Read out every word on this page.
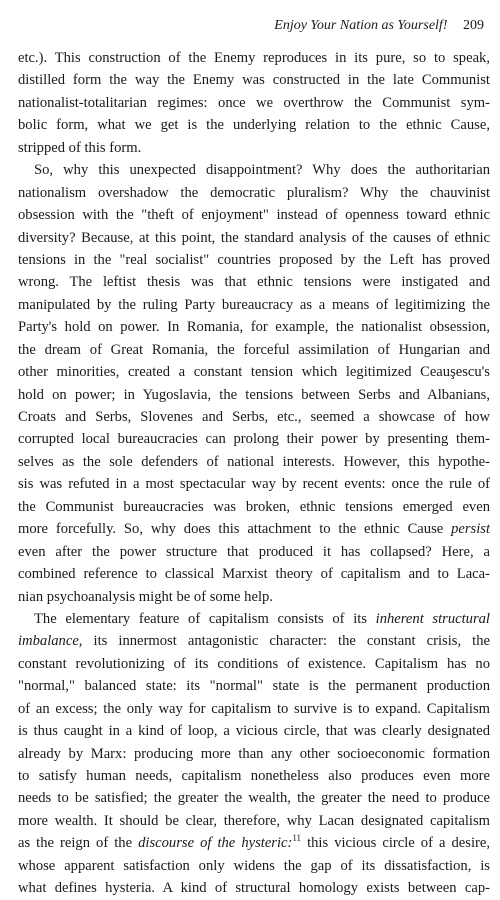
Enjoy Your Nation as Yourself! 209
etc.). This construction of the Enemy reproduces in its pure, so to speak,
distilled form the way the Enemy was constructed in the late Communist
nationalist-totalitarian regimes: once we overthrow the Communist sym-
bolic form, what we get is the underlying relation to the ethnic Cause,
stripped of this form.
So, why this unexpected disappointment? Why does the authoritarian
nationalism overshadow the democratic pluralism? Why the chauvinist
obsession with the "theft of enjoyment" instead of openness toward ethnic
diversity? Because, at this point, the standard analysis of the causes of ethnic
tensions in the "real socialist" countries proposed by the Left has proved
wrong. The leftist thesis was that ethnic tensions were instigated and
manipulated by the ruling Party bureaucracy as a means of legitimizing the
Party's hold on power. In Romania, for example, the nationalist obsession,
the dream of Great Romania, the forceful assimilation of Hungarian and
other minorities, created a constant tension which legitimized Ceauşescu's
hold on power; in Yugoslavia, the tensions between Serbs and Albanians,
Croats and Serbs, Slovenes and Serbs, etc., seemed a showcase of how
corrupted local bureaucracies can prolong their power by presenting them-
selves as the sole defenders of national interests. However, this hypothe-
sis was refuted in a most spectacular way by recent events: once the rule of
the Communist bureaucracies was broken, ethnic tensions emerged even
more forcefully. So, why does this attachment to the ethnic Cause persist
even after the power structure that produced it has collapsed? Here, a
combined reference to classical Marxist theory of capitalism and to Laca-
nian psychoanalysis might be of some help.
The elementary feature of capitalism consists of its inherent structural
imbalance, its innermost antagonistic character: the constant crisis, the
constant revolutionizing of its conditions of existence. Capitalism has no
"normal," balanced state: its "normal" state is the permanent production
of an excess; the only way for capitalism to survive is to expand. Capitalism
is thus caught in a kind of loop, a vicious circle, that was clearly designated
already by Marx: producing more than any other socioeconomic formation
to satisfy human needs, capitalism nonetheless also produces even more
needs to be satisfied; the greater the wealth, the greater the need to produce
more wealth. It should be clear, therefore, why Lacan designated capitalism
as the reign of the discourse of the hysteric:$^{11}$ this vicious circle of a desire,
whose apparent satisfaction only widens the gap of its dissatisfaction, is
what defines hysteria. A kind of structural homology exists between cap-
